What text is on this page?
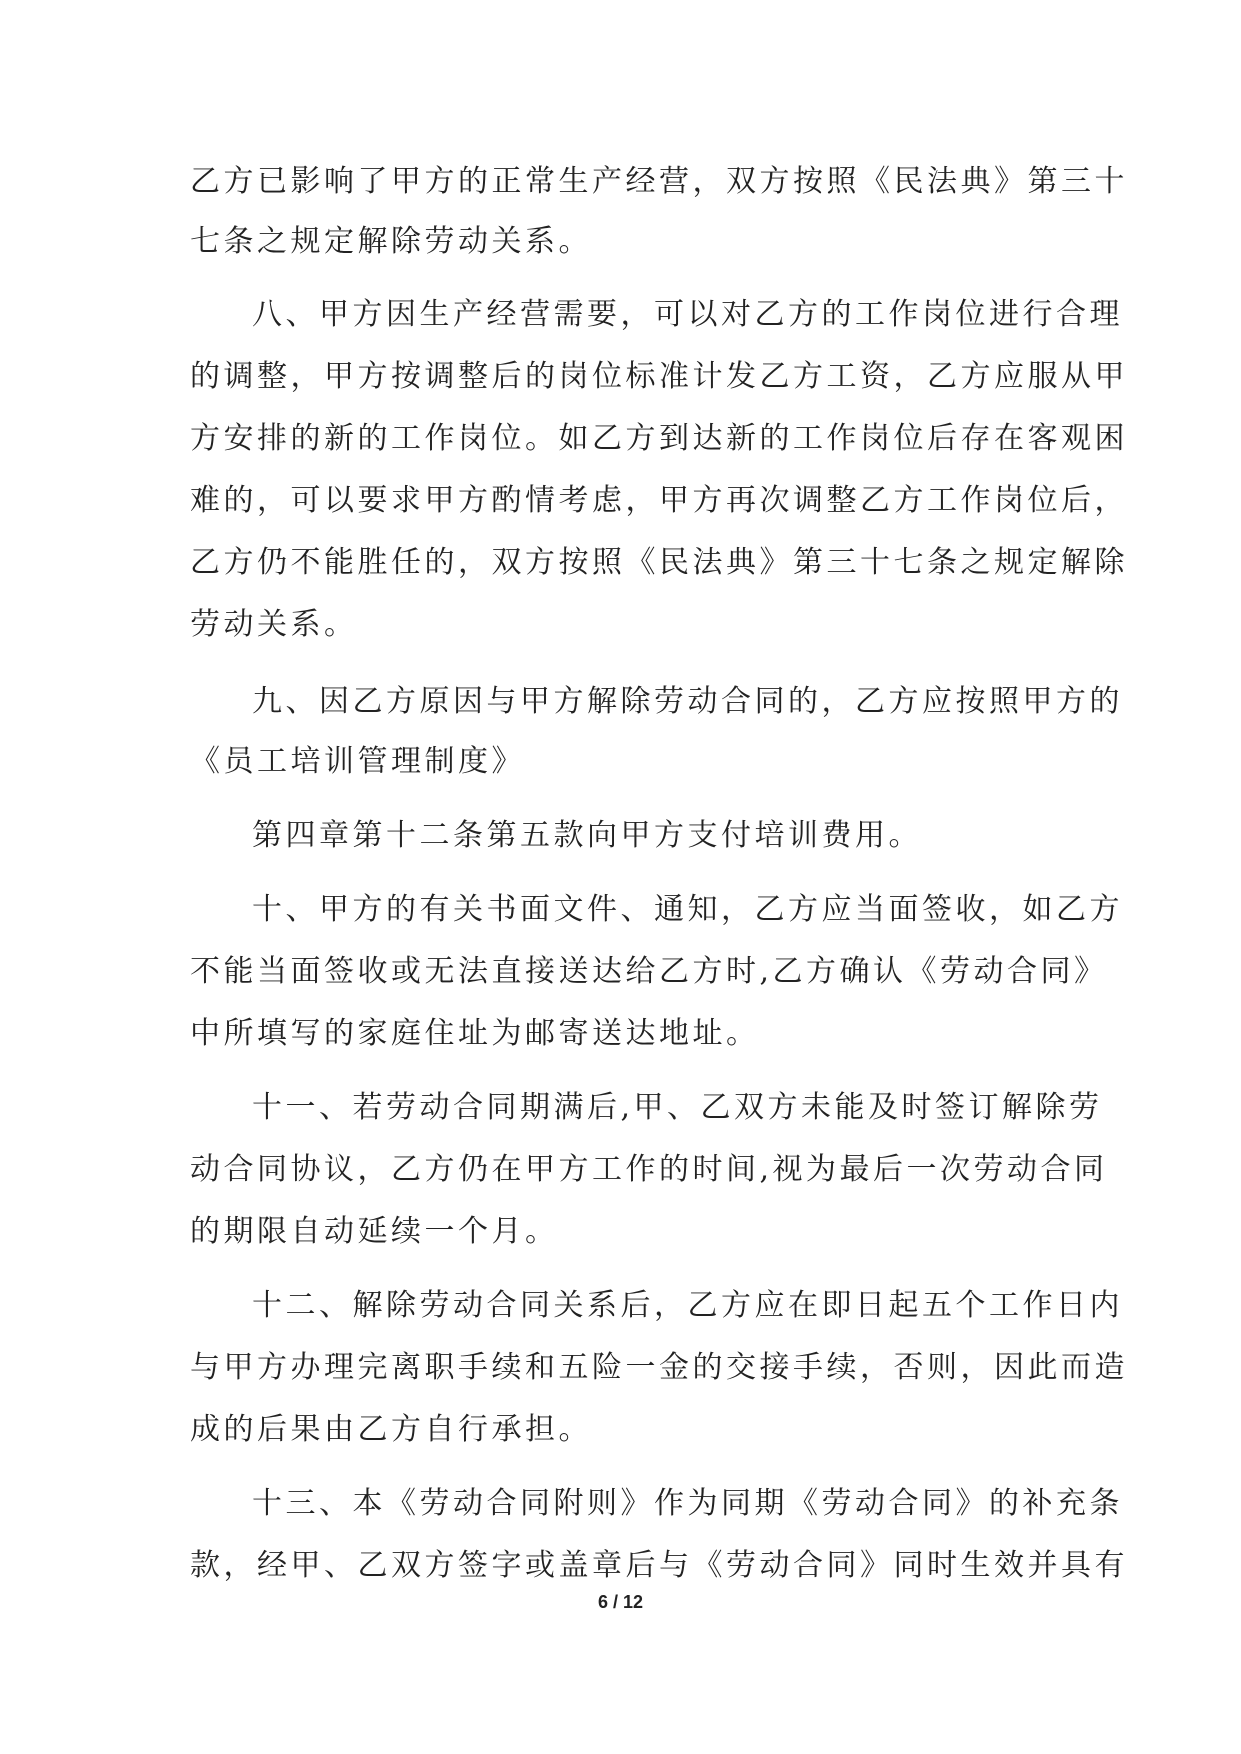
乙方已影响了甲方的正常生产经营，双方按照《民法典》第三十
七条之规定解除劳动关系。
八、甲方因生产经营需要，可以对乙方的工作岗位进行合理
的调整，甲方按调整后的岗位标准计发乙方工资，乙方应服从甲
方安排的新的工作岗位。如乙方到达新的工作岗位后存在客观困
难的，可以要求甲方酌情考虑，甲方再次调整乙方工作岗位后，
乙方仍不能胜任的，双方按照《民法典》第三十七条之规定解除
劳动关系。
九、因乙方原因与甲方解除劳动合同的，乙方应按照甲方的
《员工培训管理制度》
第四章第十二条第五款向甲方支付培训费用。
十、甲方的有关书面文件、通知，乙方应当面签收，如乙方
不能当面签收或无法直接送达给乙方时,乙方确认《劳动合同》
中所填写的家庭住址为邮寄送达地址。
十一、若劳动合同期满后,甲、乙双方未能及时签订解除劳
动合同协议，乙方仍在甲方工作的时间,视为最后一次劳动合同
的期限自动延续一个月。
十二、解除劳动合同关系后，乙方应在即日起五个工作日内
与甲方办理完离职手续和五险一金的交接手续，否则，因此而造
成的后果由乙方自行承担。
十三、本《劳动合同附则》作为同期《劳动合同》的补充条
款，经甲、乙双方签字或盖章后与《劳动合同》同时生效并具有
6 / 12
